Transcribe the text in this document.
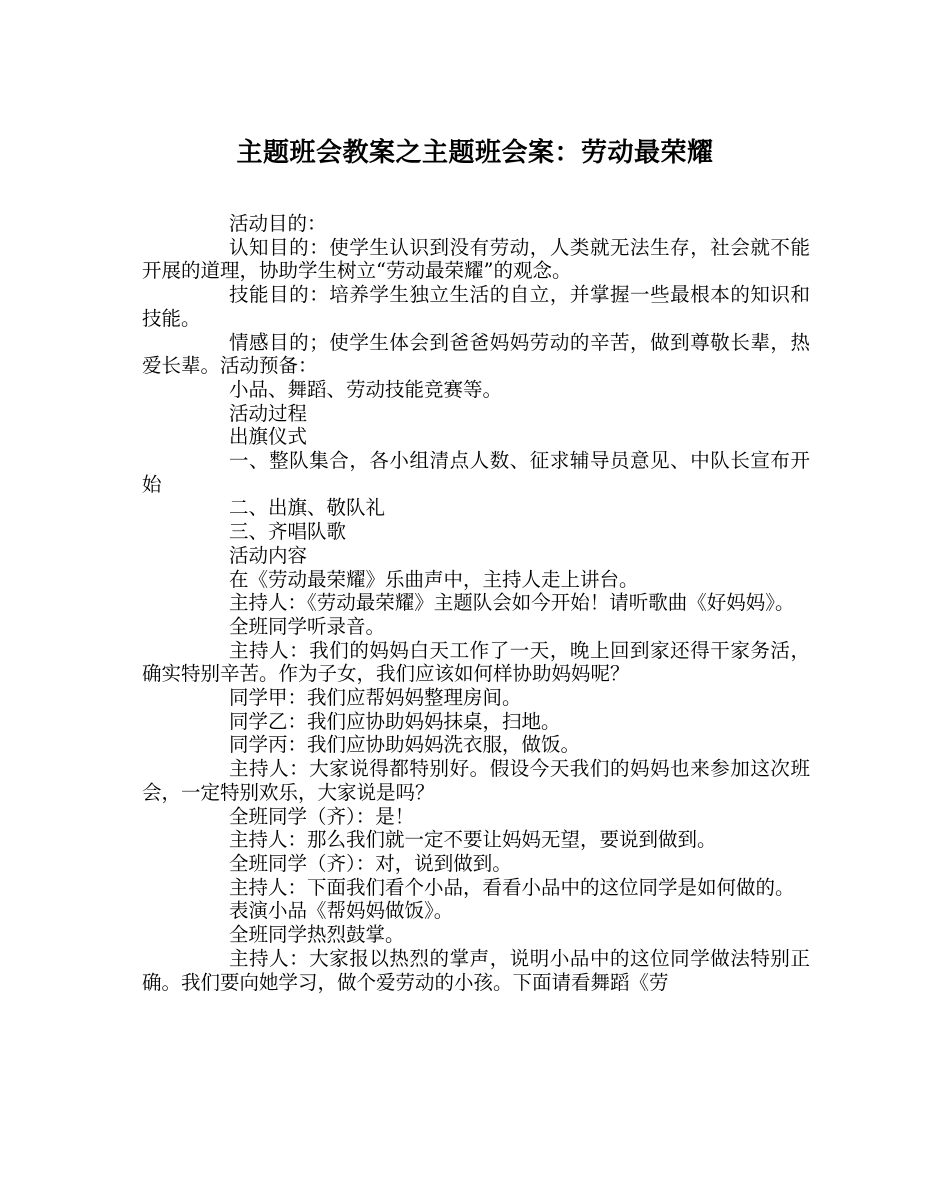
主题班会教案之主题班会案：劳动最荣耀

活动目的：

认知目的：使学生认识到没有劳动，人类就无法生存，社会就不能开展的道理，协助学生树立“劳动最荣耀”的观念。

技能目的：培养学生独立生活的自立，并掌握一些最根本的知识和技能。

情感目的；使学生体会到爸爸妈妈劳动的辛苦，做到尊敬长辈，热爱长辈。活动预备：

小品、舞蹈、劳动技能竞赛等。

活动过程

出旗仪式

一、整队集合，各小组清点人数、征求辅导员意见、中队长宣布开始

二、出旗、敬队礼

三、齐唱队歌

活动内容

在《劳动最荣耀》乐曲声中，主持人走上讲台。

主持人：《劳动最荣耀》主题队会如今开始！请听歌曲《好妈妈》。

全班同学听录音。

主持人：我们的妈妈白天工作了一天，晚上回到家还得干家务活，确实特别辛苦。作为子女，我们应该如何样协助妈妈呢？

同学甲：我们应帮妈妈整理房间。

同学乙：我们应协助妈妈抹桌，扫地。

同学丙：我们应协助妈妈洗衣服，做饭。

主持人：大家说得都特别好。假设今天我们的妈妈也来参加这次班会，一定特别欢乐，大家说是吗？

全班同学（齐）：是！

主持人：那么我们就一定不要让妈妈无望，要说到做到。

全班同学（齐）：对，说到做到。

主持人：下面我们看个小品，看看小品中的这位同学是如何做的。

表演小品《帮妈妈做饭》。

全班同学热烈鼓掌。

主持人：大家报以热烈的掌声，说明小品中的这位同学做法特别正确。我们要向她学习，做个爱劳动的小孩。下面请看舞蹈《劳
